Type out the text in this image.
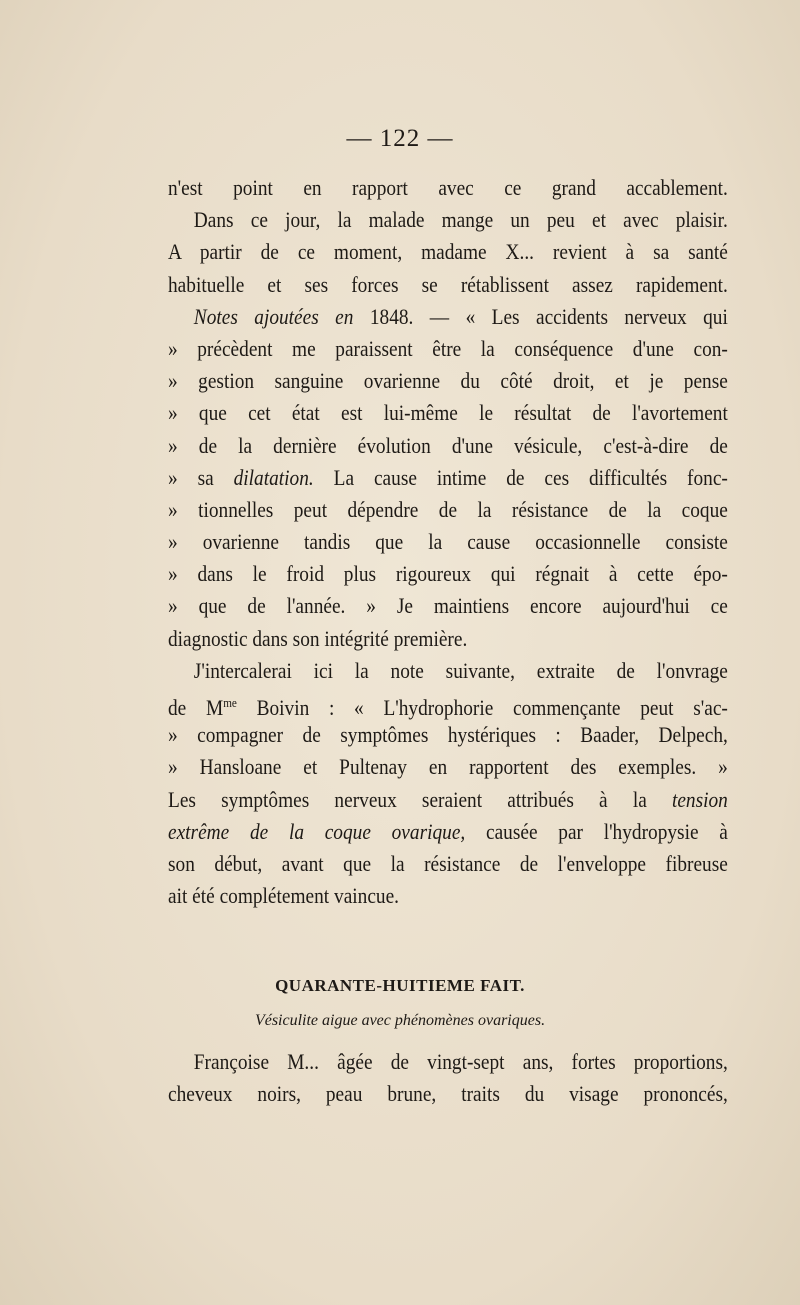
— 122 —
n'est point en rapport avec ce grand accablement.
Dans ce jour, la malade mange un peu et avec plaisir.
A partir de ce moment, madame X... revient à sa santé
habituelle et ses forces se rétablissent assez rapidement.
Notes ajoutées en 1848. — « Les accidents nerveux qui
» précèdent me paraissent être la conséquence d'une con-
» gestion sanguine ovarienne du côté droit, et je pense
» que cet état est lui-même le résultat de l'avortement
» de la dernière évolution d'une vésicule, c'est-à-dire de
» sa dilatation. La cause intime de ces difficultés fonc-
» tionnelles peut dépendre de la résistance de la coque
» ovarienne tandis que la cause occasionnelle consiste
» dans le froid plus rigoureux qui régnait à cette épo-
» que de l'année. » Je maintiens encore aujourd'hui ce
diagnostic dans son intégrité première.
J'intercalerai ici la note suivante, extraite de l'onvrage
de $M^{me}$ Boivin : « L'hydrophorie commençante peut s'ac-
» compagner de symptômes hystériques : Baader, Delpech,
» Hansloane et Pultenay en rapportent des exemples. »
Les symptômes nerveux seraient attribués à la tension
extrême de la coque ovarique, causée par l'hydropysie à
son début, avant que la résistance de l'enveloppe fibreuse
ait été complétement vaincue.
QUARANTE-HUITIEME FAIT.
Vésiculite aigue avec phénomènes ovariques.
Françoise M... âgée de vingt-sept ans, fortes proportions,
cheveux noirs, peau brune, traits du visage prononcés,
